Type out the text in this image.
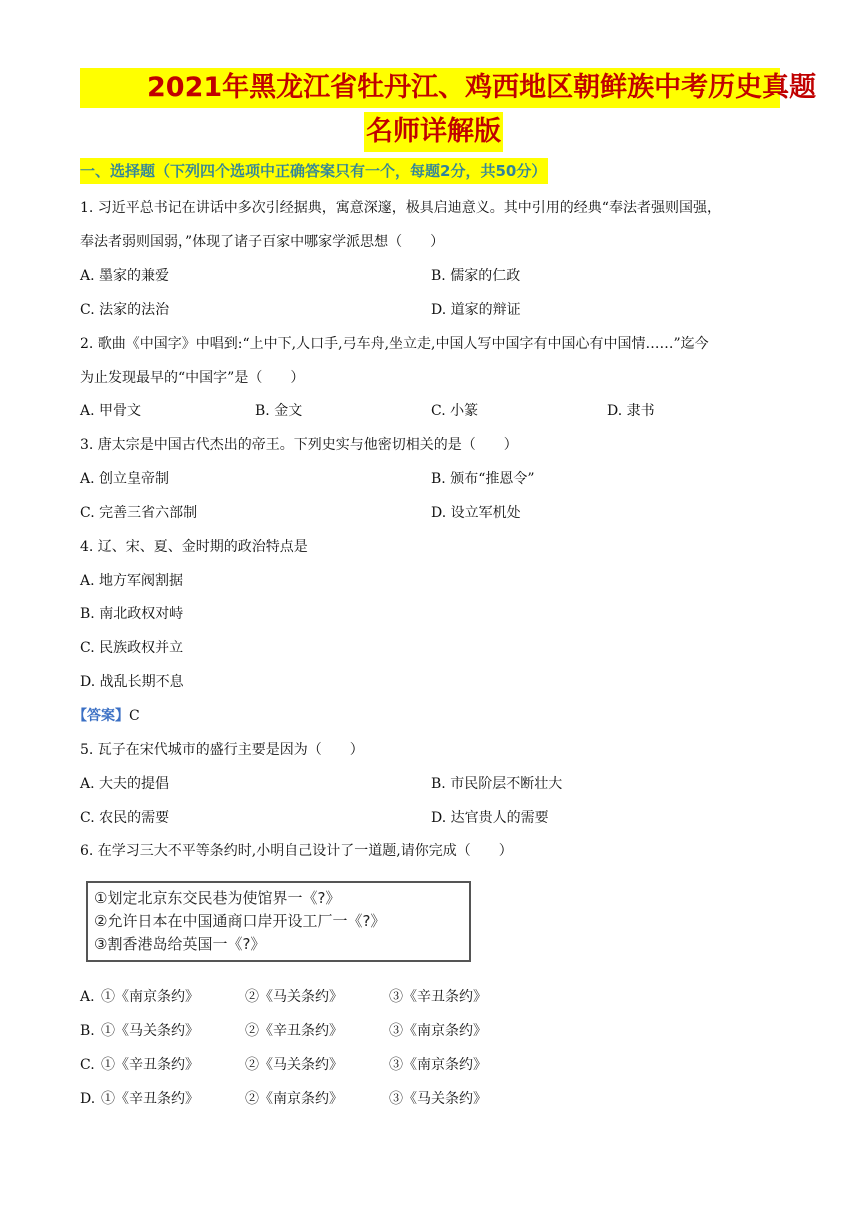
2021年黑龙江省牡丹江、鸡西地区朝鲜族中考历史真题
名师详解版
一、选择题（下列四个选项中正确答案只有一个，每题2分，共50分）
1. 习近平总书记在讲话中多次引经据典，寓意深邃，极具启迪意义。其中引用的经典“奉法者强则国强，
奉法者弱则国弱，”体现了诸子百家中哪家学派思想（　　）
A. 墨家的兼爱	B. 儒家的仁政
C. 法家的法治	D. 道家的辩证
2. 歌曲《中国字》中唱到:“上中下,人口手,弓车舟,坐立走,中国人写中国字有中国心有中国情……”迄今
为止发现最早的“中国字”是（　　）
A. 甲骨文	B. 金文	C. 小篆	D. 隶书
3. 唐太宗是中国古代杰出的帝王。下列史实与他密切相关的是（　　）
A. 创立皇帝制	B. 颁布“推恩令”
C. 完善三省六部制	D. 设立军机处
4. 辽、宋、夏、金时期的政治特点是
A. 地方军阀割据
B. 南北政权对峙
C. 民族政权并立
D. 战乱长期不息
【答案】C
5. 瓦子在宋代城市的盛行主要是因为（　　）
A. 大夫的提倡	B. 市民阶层不断壮大
C. 农民的需要	D. 达官贵人的需要
6. 在学习三大不平等条约时,小明自己设计了一道题,请你完成（　　）
①划定北京东交民巷为使馆界一《?》
②允许日本在中国通商口岸开设工厂一《?》
③割香港岛给英国一《?》
A. ①《南京条约》	②《马关条约》	③《辛丑条约》
B. ①《马关条约》	②《辛丑条约》	③《南京条约》
C. ①《辛丑条约》	②《马关条约》	③《南京条约》
D. ①《辛丑条约》	②《南京条约》	③《马关条约》
